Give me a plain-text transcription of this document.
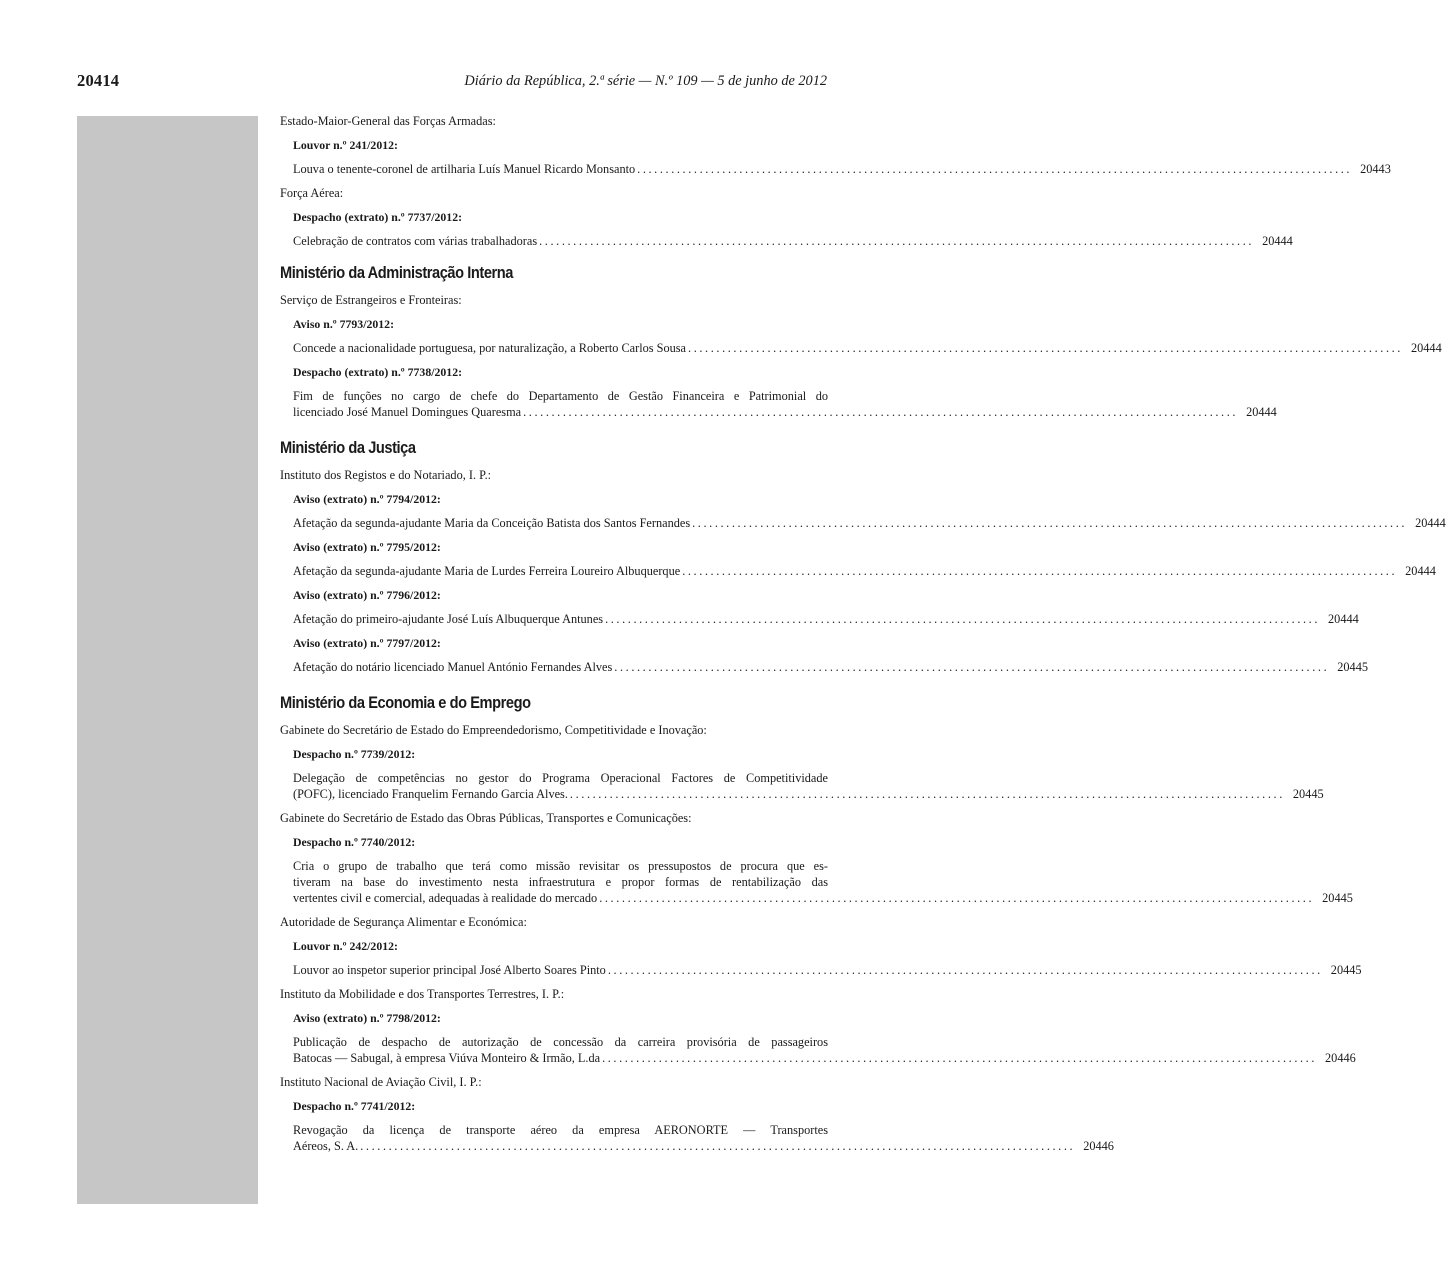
20414	Diário da República, 2.ª série — N.º 109 — 5 de junho de 2012
Estado-Maior-General das Forças Armadas:
Louvor n.º 241/2012:
Louva o tenente-coronel de artilharia Luís Manuel Ricardo Monsanto .............................................................................................................................. 20443
Força Aérea:
Despacho (extrato) n.º 7737/2012:
Celebração de contratos com várias trabalhadoras .............................................................................................................................. 20444
Ministério da Administração Interna
Serviço de Estrangeiros e Fronteiras:
Aviso n.º 7793/2012:
Concede a nacionalidade portuguesa, por naturalização, a Roberto Carlos Sousa .............................................................................................................................. 20444
Despacho (extrato) n.º 7738/2012:
Fim de funções no cargo de chefe do Departamento de Gestão Financeira e Patrimonial do
licenciado José Manuel Domingues Quaresma .............................................................................................................................. 20444
Ministério da Justiça
Instituto dos Registos e do Notariado, I. P.:
Aviso (extrato) n.º 7794/2012:
Afetação da segunda-ajudante Maria da Conceição Batista dos Santos Fernandes .............................................................................................................................. 20444
Aviso (extrato) n.º 7795/2012:
Afetação da segunda-ajudante Maria de Lurdes Ferreira Loureiro Albuquerque .............................................................................................................................. 20444
Aviso (extrato) n.º 7796/2012:
Afetação do primeiro-ajudante José Luís Albuquerque Antunes .............................................................................................................................. 20444
Aviso (extrato) n.º 7797/2012:
Afetação do notário licenciado Manuel António Fernandes Alves .............................................................................................................................. 20445
Ministério da Economia e do Emprego
Gabinete do Secretário de Estado do Empreendedorismo, Competitividade e Inovação:
Despacho n.º 7739/2012:
Delegação de competências no gestor do Programa Operacional Factores de Competitividade
(POFC), licenciado Franquelim Fernando Garcia Alves. .............................................................................................................................. 20445
Gabinete do Secretário de Estado das Obras Públicas, Transportes e Comunicações:
Despacho n.º 7740/2012:
Cria o grupo de trabalho que terá como missão revisitar os pressupostos de procura que es-
tiveram na base do investimento nesta infraestrutura e propor formas de rentabilização das
vertentes civil e comercial, adequadas à realidade do mercado .............................................................................................................................. 20445
Autoridade de Segurança Alimentar e Económica:
Louvor n.º 242/2012:
Louvor ao inspetor superior principal José Alberto Soares Pinto .............................................................................................................................. 20445
Instituto da Mobilidade e dos Transportes Terrestres, I. P.:
Aviso (extrato) n.º 7798/2012:
Publicação de despacho de autorização de concessão da carreira provisória de passageiros
Batocas — Sabugal, à empresa Viúva Monteiro & Irmão, L.da .............................................................................................................................. 20446
Instituto Nacional de Aviação Civil, I. P.:
Despacho n.º 7741/2012:
Revogação da licença de transporte aéreo da empresa AERONORTE — Transportes
Aéreos, S. A. .............................................................................................................................. 20446
